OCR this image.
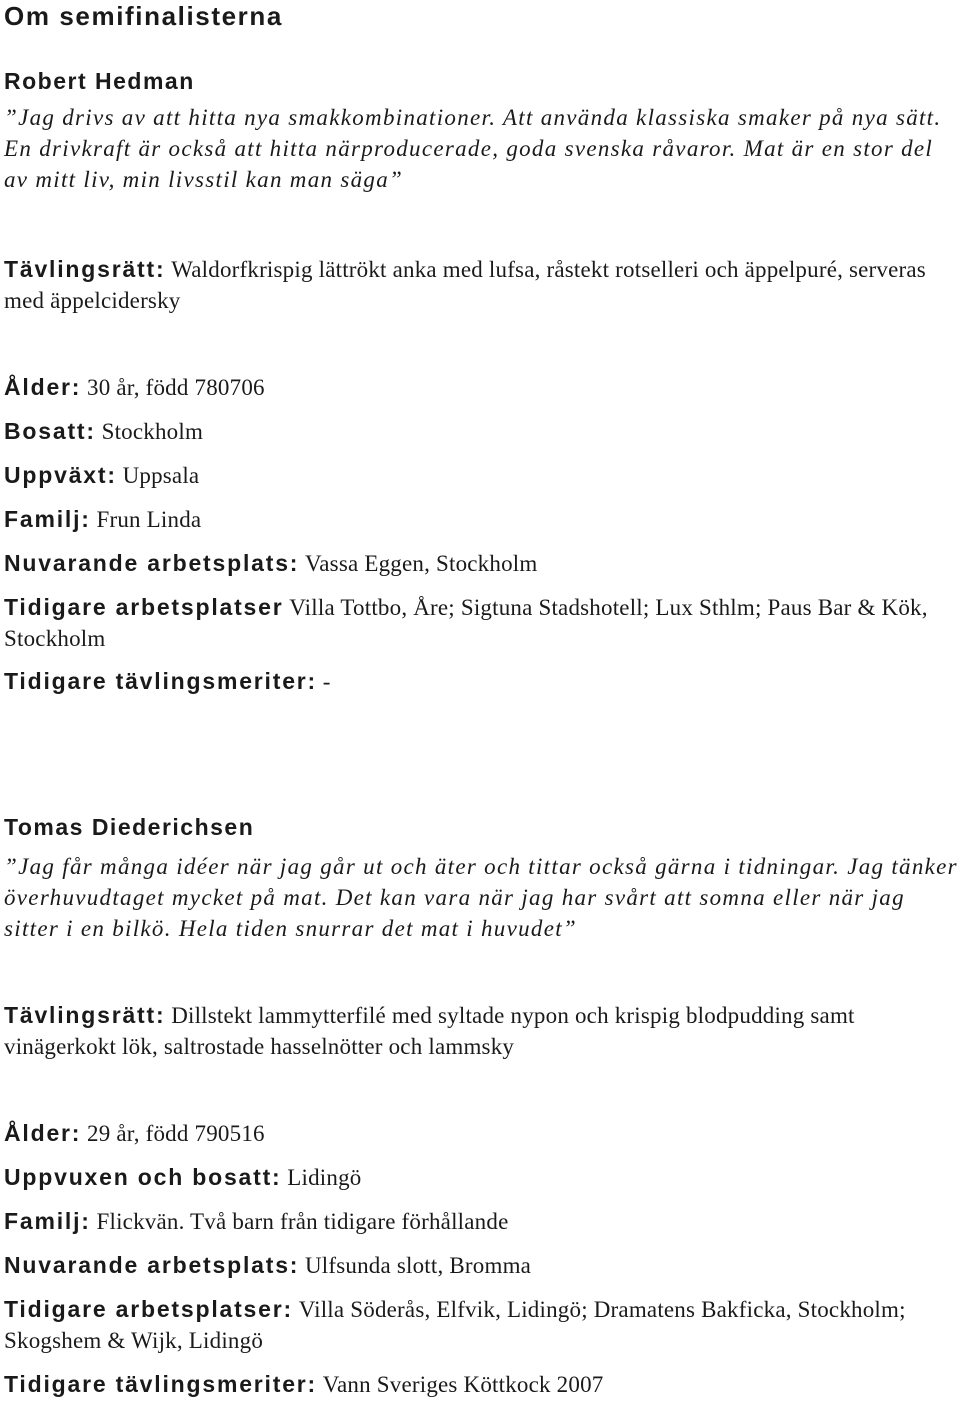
Om semifinalisterna
Robert Hedman

”Jag drivs av att hitta nya smakkombinationer. Att använda klassiska smaker på nya sätt. En drivkraft är också att hitta närproducerade, goda svenska råvaror. Mat är en stor del av mitt liv, min livsstil kan man säga”

Tävlingsrätt: Waldorfkrispig lättrökt anka med lufsa, råstekt rotselleri och äppelpuré, serveras med äppelcidersky

Ålder: 30 år, född 780706

Bosatt: Stockholm

Uppväxt: Uppsala

Familj: Frun Linda

Nuvarande arbetsplats: Vassa Eggen, Stockholm

Tidigare arbetsplatser Villa Tottbo, Åre; Sigtuna Stadshotell; Lux Sthlm; Paus Bar & Kök, Stockholm

Tidigare tävlingsmeriter: -

Tomas Diederichsen

”Jag får många idéer när jag går ut och äter och tittar också gärna i tidningar. Jag tänker överhuvudtaget mycket på mat. Det kan vara när jag har svårt att somna eller när jag sitter i en bilkö. Hela tiden snurrar det mat i huvudet”

Tävlingsrätt: Dillstekt lammytterfilé med syltade nypon och krispig blodpudding samt vinägerkokt lök, saltrostade hasselnötter och lammsky

Ålder: 29 år, född 790516

Uppvuxen och bosatt: Lidingö

Familj: Flickvän. Två barn från tidigare förhållande

Nuvarande arbetsplats: Ulfsunda slott, Bromma

Tidigare arbetsplatser: Villa Söderås, Elfvik, Lidingö; Dramatens Bakficka, Stockholm; Skogshem & Wijk, Lidingö

Tidigare tävlingsmeriter: Vann Sveriges Köttkock 2007
